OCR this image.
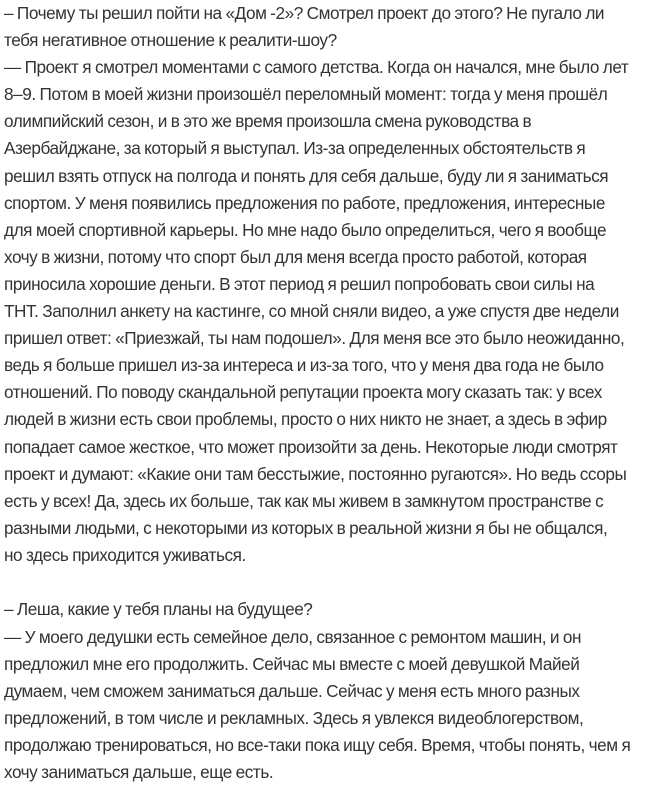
– Почему ты решил пойти на «Дом -2»? Смотрел проект до этого? Не пугало ли
тебя негативное отношение к реалити-шоу?
— Проект я смотрел моментами с самого детства. Когда он начался, мне было лет
8–9. Потом в моей жизни произошёл переломный момент: тогда у меня прошёл
олимпийский сезон, и в это же время произошла смена руководства в
Азербайджане, за который я выступал. Из-за определенных обстоятельств я
решил взять отпуск на полгода и понять для себя дальше, буду ли я заниматься
спортом. У меня появились предложения по работе, предложения, интересные
для моей спортивной карьеры. Но мне надо было определиться, чего я вообще
хочу в жизни, потому что спорт был для меня всегда просто работой, которая
приносила хорошие деньги. В этот период я решил попробовать свои силы на
ТНТ. Заполнил анкету на кастинге, со мной сняли видео, а уже спустя две недели
пришел ответ: «Приезжай, ты нам подошел». Для меня все это было неожиданно,
ведь я больше пришел из-за интереса и из-за того, что у меня два года не было
отношений. По поводу скандальной репутации проекта могу сказать так: у всех
людей в жизни есть свои проблемы, просто о них никто не знает, а здесь в эфир
попадает самое жесткое, что может произойти за день. Некоторые люди смотрят
проект и думают: «Какие они там бесстыжие, постоянно ругаются». Но ведь ссоры
есть у всех! Да, здесь их больше, так как мы живем в замкнутом пространстве с
разными людьми, с некоторыми из которых в реальной жизни я бы не общался,
но здесь приходится уживаться.
– Леша, какие у тебя планы на будущее?
— У моего дедушки есть семейное дело, связанное с ремонтом машин, и он
предложил мне его продолжить. Сейчас мы вместе с моей девушкой Майей
думаем, чем сможем заниматься дальше. Сейчас у меня есть много разных
предложений, в том числе и рекламных. Здесь я увлекся видеоблогерством,
продолжаю тренироваться, но все-таки пока ищу себя. Время, чтобы понять, чем я
хочу заниматься дальше, еще есть.
